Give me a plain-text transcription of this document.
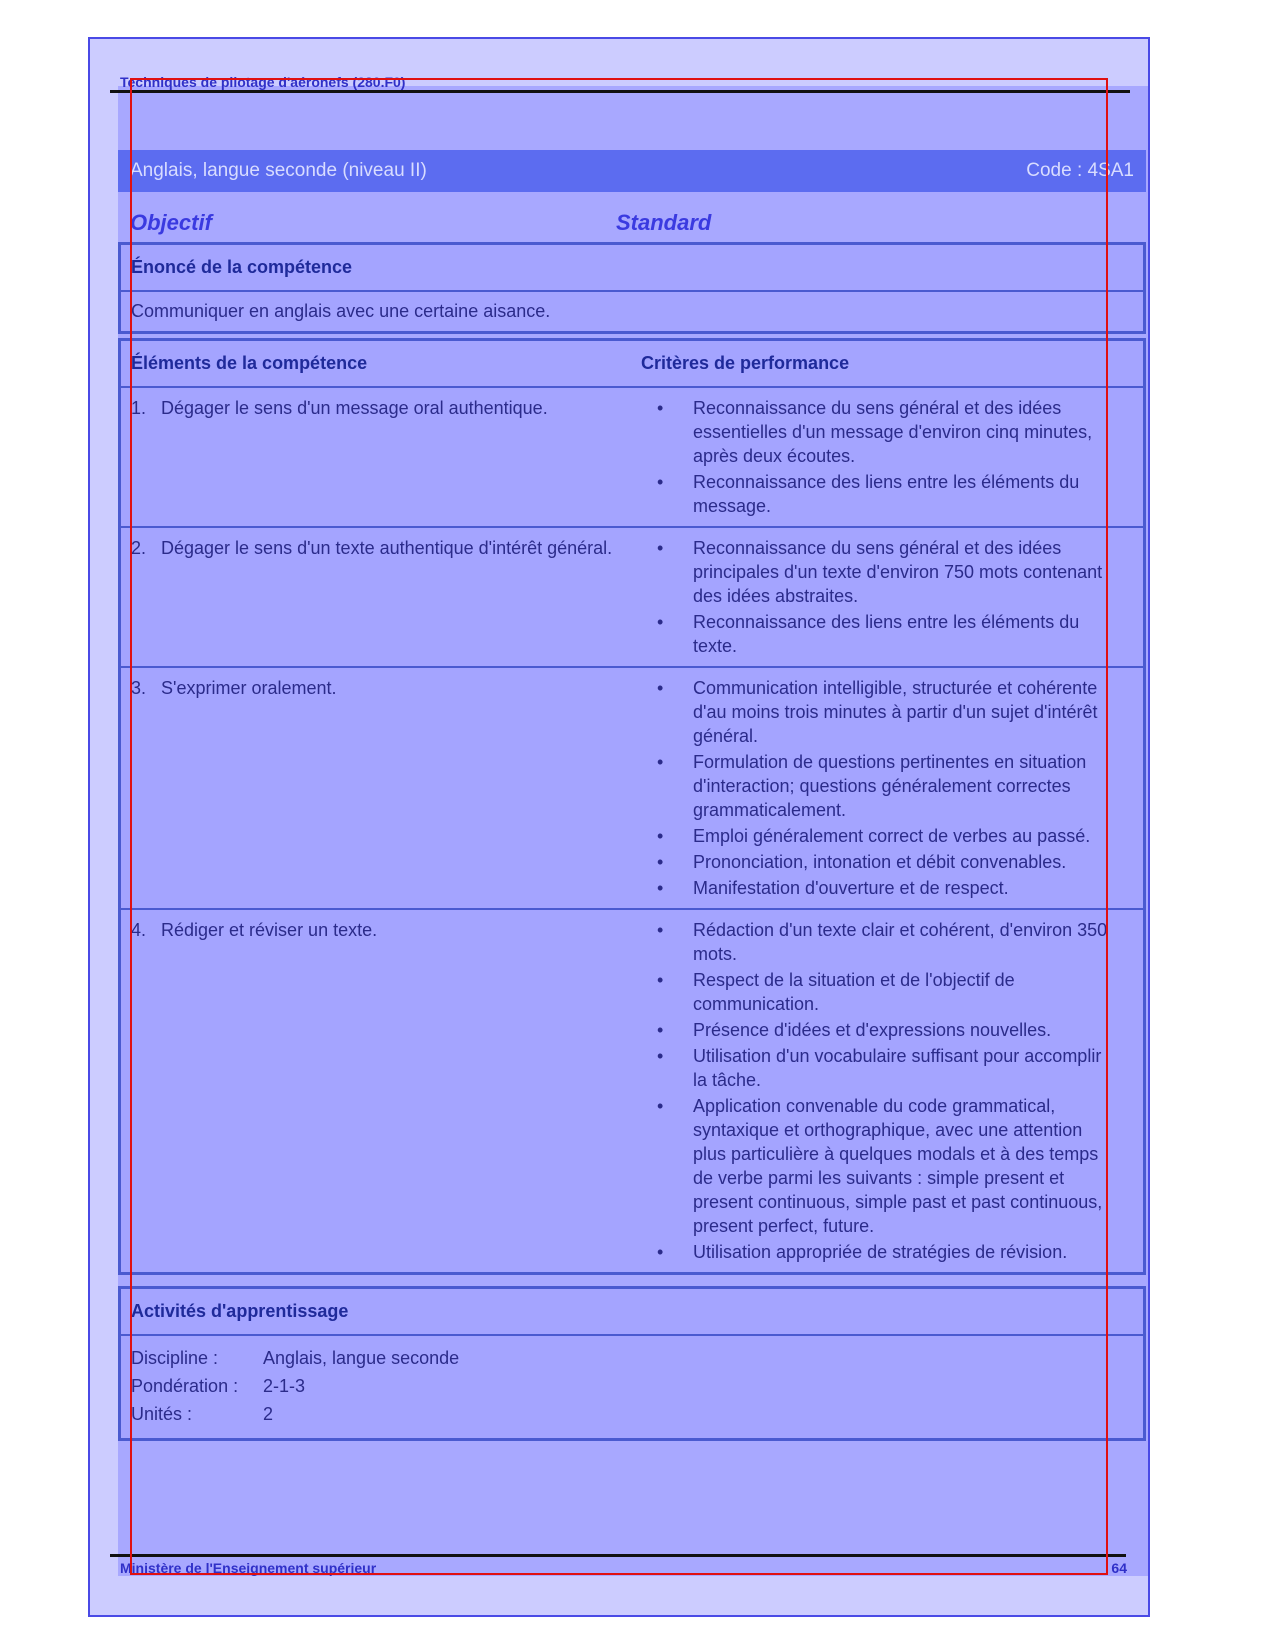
Techniques de pilotage d'aéronefs (280.F0)
Anglais, langue seconde (niveau II)	Code : 4SA1
Objectif	Standard
Énoncé de la compétence
Communiquer en anglais avec une certaine aisance.
Éléments de la compétence	Critères de performance
1. Dégager le sens d'un message oral authentique.	•	Reconnaissance du sens général et des idées essentielles d'un message d'environ cinq minutes, après deux écoutes.
•	Reconnaissance des liens entre les éléments du message.
2. Dégager le sens d'un texte authentique d'intérêt général.	•	Reconnaissance du sens général et des idées principales d'un texte d'environ 750 mots contenant des idées abstraites.
•	Reconnaissance des liens entre les éléments du texte.
3. S'exprimer oralement.	•	Communication intelligible, structurée et cohérente d'au moins trois minutes à partir d'un sujet d'intérêt général.
•	Formulation de questions pertinentes en situation d'interaction; questions généralement correctes grammaticalement.
•	Emploi généralement correct de verbes au passé.
•	Prononciation, intonation et débit convenables.
•	Manifestation d'ouverture et de respect.
4. Rédiger et réviser un texte.	•	Rédaction d'un texte clair et cohérent, d'environ 350 mots.
•	Respect de la situation et de l'objectif de communication.
•	Présence d'idées et d'expressions nouvelles.
•	Utilisation d'un vocabulaire suffisant pour accomplir la tâche.
•	Application convenable du code grammatical, syntaxique et orthographique, avec une attention plus particulière à quelques modals et à des temps de verbe parmi les suivants : simple present et present continuous, simple past et past continuous, present perfect, future.
•	Utilisation appropriée de stratégies de révision.
Activités d'apprentissage
Discipline :	Anglais, langue seconde
Pondération :	2-1-3
Unités :	2
Ministère de l'Enseignement supérieur	64
